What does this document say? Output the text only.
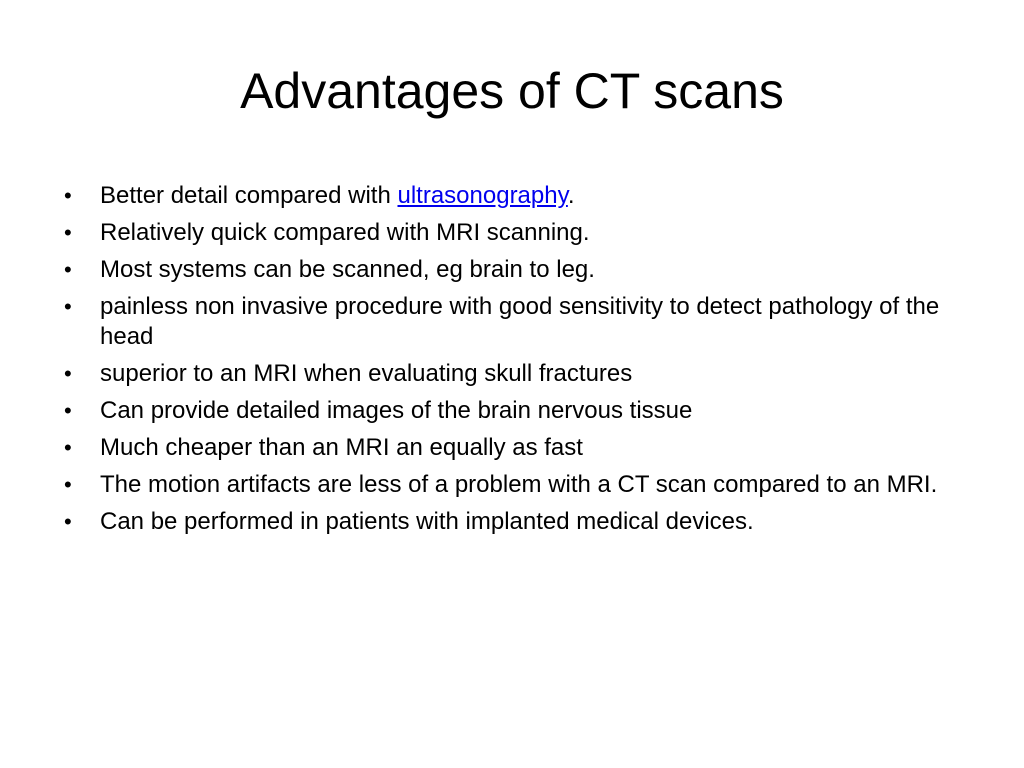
Advantages of CT scans
• Better detail compared with ultrasonography.
• Relatively quick compared with MRI scanning.
• Most systems can be scanned, eg brain to leg.
• painless non invasive procedure with good sensitivity to detect pathology of the head
• superior to an MRI when evaluating skull fractures
• Can provide detailed images of the brain nervous tissue
• Much cheaper than an MRI an equally as fast
• The motion artifacts are less of a problem with a CT scan compared to an MRI.
• Can be performed in patients with implanted medical devices.
